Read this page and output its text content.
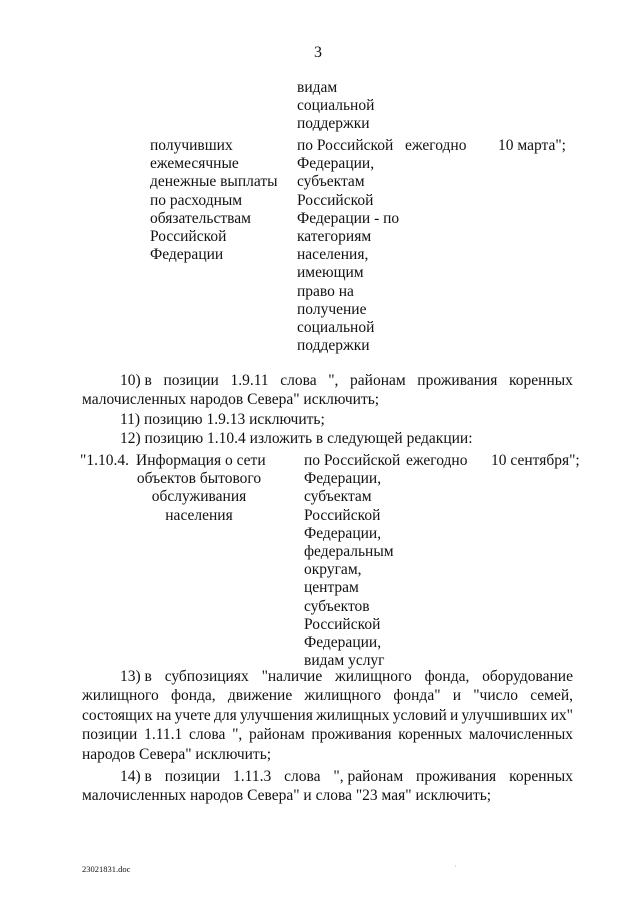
3
видам
социальной
поддержки
получивших
ежемесячные
денежные выплаты
по расходным
обязательствам
Российской
Федерации
по Российской
Федерации,
субъектам
Российской
Федерации - по
категориям
населения,
имеющим
право на
получение
социальной
поддержки
ежегодно 10 марта";
10) в позиции 1.9.11 слова ", районам проживания коренных
малочисленных народов Севера" исключить;
11) позицию 1.9.13 исключить;
12) позицию 1.10.4 изложить в следующей редакции:
"1.10.4. Информация о сети
объектов бытового
обслуживания
населения
по Российской
Федерации,
субъектам
Российской
Федерации,
федеральным
округам,
центрам
субъектов
Российской
Федерации,
видам услуг
ежегодно 10 сентября";
13) в субпозициях "наличие жилищного фонда, оборудование
жилищного фонда, движение жилищного фонда" и "число семей,
состоящих на учете для улучшения жилищных условий и улучшивших их"
позиции 1.11.1 слова ", районам проживания коренных малочисленных
народов Севера" исключить;
14) в позиции 1.11.3 слова ", районам проживания коренных
малочисленных народов Севера" и слова "23 мая" исключить;
23021831.doc	·
